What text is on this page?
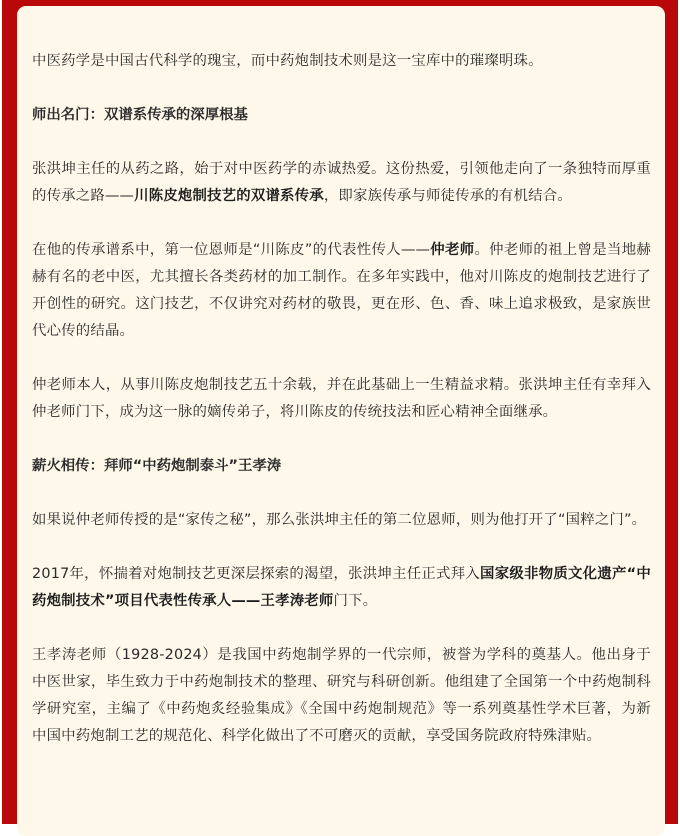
中医药学是中国古代科学的瑰宝，而中药炮制技术则是这一宝库中的璀璨明珠。

师出名门：双谱系传承的深厚根基

张洪坤主任的从药之路，始于对中医药学的赤诚热爱。这份热爱，引领他走向了一条独特而厚重的传承之路——川陈皮炮制技艺的双谱系传承，即家族传承与师徒传承的有机结合。

在他的传承谱系中，第一位恩师是“川陈皮”的代表性传人——仲老师。仲老师的祖上曾是当地赫赫有名的老中医，尤其擅长各类药材的加工制作。在多年实践中，他对川陈皮的炮制技艺进行了开创性的研究。这门技艺，不仅讲究对药材的敬畏，更在形、色、香、味上追求极致，是家族世代心传的结晶。

仲老师本人，从事川陈皮炮制技艺五十余载，并在此基础上一生精益求精。张洪坤主任有幸拜入仲老师门下，成为这一脉的嫡传弟子，将川陈皮的传统技法和匠心精神全面继承。

薪火相传：拜师“中药炮制泰斗”王孝涛

如果说仲老师传授的是“家传之秘”，那么张洪坤主任的第二位恩师，则为他打开了“国粹之门”。

2017年，怀揣着对炮制技艺更深层探索的渴望，张洪坤主任正式拜入国家级非物质文化遗产“中药炮制技术”项目代表性传承人——王孝涛老师门下。

王孝涛老师（1928-2024）是我国中药炮制学界的一代宗师，被誉为学科的奠基人。他出身于中医世家，毕生致力于中药炮制技术的整理、研究与科研创新。他组建了全国第一个中药炮制科学研究室，主编了《中药炮炙经验集成》《全国中药炮制规范》等一系列奠基性学术巨著，为新中国中药炮制工艺的规范化、科学化做出了不可磨灭的贡献，享受国务院政府特殊津贴。
